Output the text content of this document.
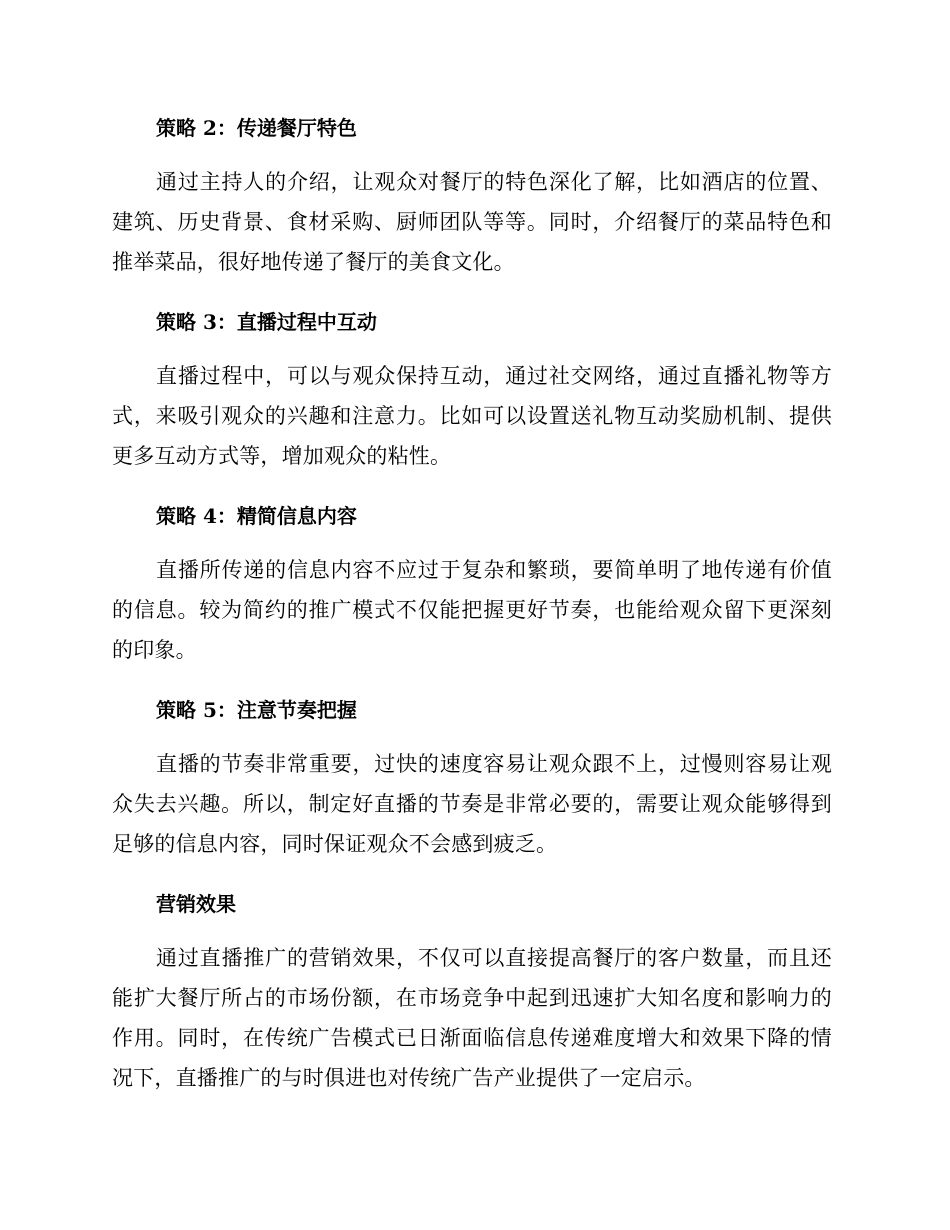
策略 2：传递餐厅特色

通过主持人的介绍，让观众对餐厅的特色深化了解，比如酒店的位置、建筑、历史背景、食材采购、厨师团队等等。同时，介绍餐厅的菜品特色和推举菜品，很好地传递了餐厅的美食文化。

策略 3：直播过程中互动

直播过程中，可以与观众保持互动，通过社交网络，通过直播礼物等方式，来吸引观众的兴趣和注意力。比如可以设置送礼物互动奖励机制、提供更多互动方式等，增加观众的粘性。

策略 4：精简信息内容

直播所传递的信息内容不应过于复杂和繁琐，要简单明了地传递有价值的信息。较为简约的推广模式不仅能把握更好节奏，也能给观众留下更深刻的印象。

策略 5：注意节奏把握

直播的节奏非常重要，过快的速度容易让观众跟不上，过慢则容易让观众失去兴趣。所以，制定好直播的节奏是非常必要的，需要让观众能够得到足够的信息内容，同时保证观众不会感到疲乏。

营销效果

通过直播推广的营销效果，不仅可以直接提高餐厅的客户数量，而且还能扩大餐厅所占的市场份额，在市场竞争中起到迅速扩大知名度和影响力的作用。同时，在传统广告模式已日渐面临信息传递难度增大和效果下降的情况下，直播推广的与时俱进也对传统广告产业提供了一定启示。
